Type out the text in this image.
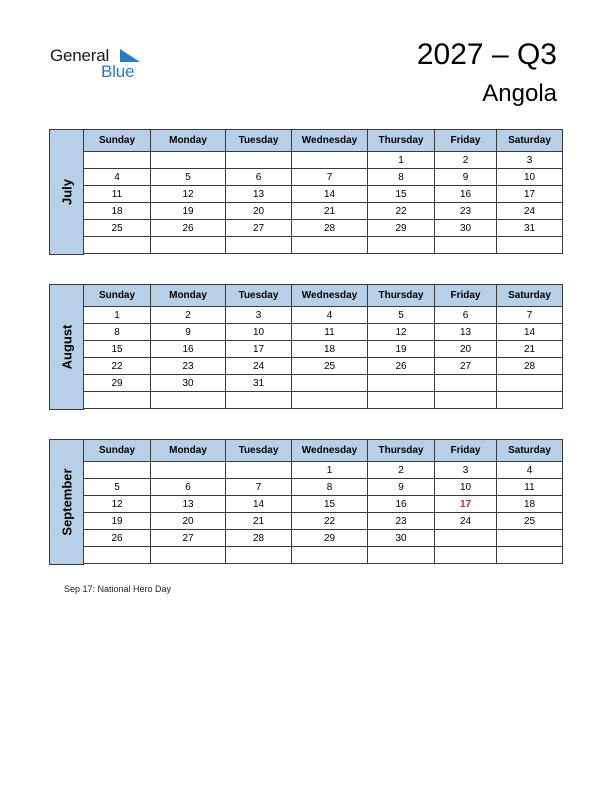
General
Blue
2027 – Q3
Angola
July
Sunday	Monday	Tuesday	Wednesday	Thursday	Friday	Saturday
				1	2	3
4	5	6	7	8	9	10
11	12	13	14	15	16	17
18	19	20	21	22	23	24
25	26	27	28	29	30	31

August
Sunday	Monday	Tuesday	Wednesday	Thursday	Friday	Saturday
1	2	3	4	5	6	7
8	9	10	11	12	13	14
15	16	17	18	19	20	21
22	23	24	25	26	27	28
29	30	31				

September
Sunday	Monday	Tuesday	Wednesday	Thursday	Friday	Saturday
			1	2	3	4
5	6	7	8	9	10	11
12	13	14	15	16	17	18
19	20	21	22	23	24	25
26	27	28	29	30		

Sep 17: National Hero Day
